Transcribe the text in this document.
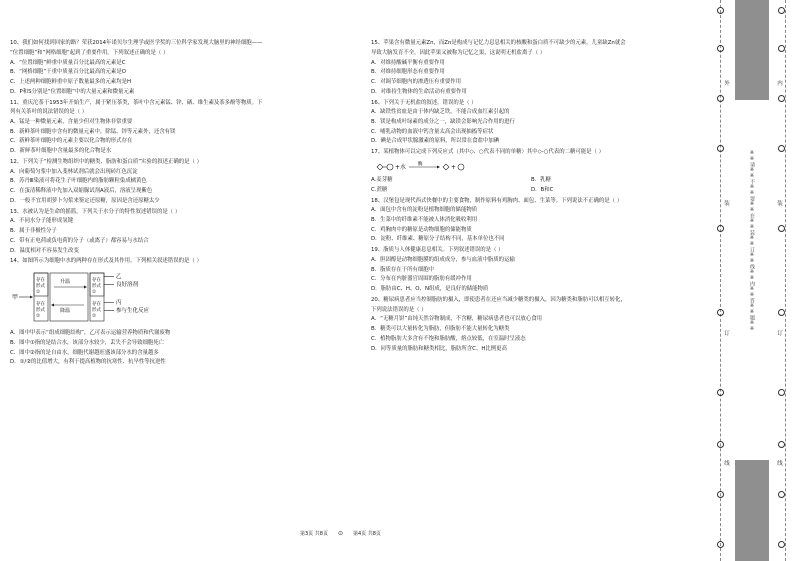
10、我们如何找到回家的路？荣获2014年诺贝尔生理学或医学奖的三位科学家发现大脑里的神经细胞——
“位置细胞”和“网格细胞”起到了重要作用。下列叙述正确的是（ ）
A．“位置细胞”鲜重中质量百分比最高的元素是C
B．“网格细胞”干重中质量百分比最高的元素是O
C．上述两种细胞鲜重中原子数量最多的元素均是H
D．P和S分别是“位置细胞”中的大量元素和微量元素
11、重庆沱茶于1953年开始生产，属于紧压茶类，茶叶中含元素锰、锌、硒、维生素及茶多酚等物质。下
列有关茶叶的说法错误的是（ ）
A．锰是一种微量元素，含量少但对生物体非常重要
B．新鲜茶叶细胞中含有的微量元素中，除锰、锌等元素外，还含有镁
C．新鲜茶叶细胞中的元素主要以化合物的形式存在
D．新鲜茶叶细胞中含量最多的化合物是水
12、下列关于“检测生物组织中的糖类、脂肪和蛋白质”实验的叙述正确的是（ ）
A．向葡萄匀浆中加入斐林试剂后就会出现砖红色沉淀
B．苏丹Ⅲ染液可将花生子叶细胞内的脂肪颗粒染成橘黄色
C．在蛋清稀释液中先加入双缩脲试剂A液后，溶液呈现紫色
D．一般不宜用胡萝卜匀浆来鉴定还原糖，原因是含还原糖太少
13、水被认为是生命的摇篮，下列关于水分子的特性叙述错误的是（ ）
A．不同水分子能形成氢键
B．属于非极性分子
C．带有正电荷或负电荷的分子（或离子）都容易与水结合
D．温度相对不容易发生改变
14、如图所示为细胞中水的两种存在形式及其作用。下列相关叙述错误的是（ ）
甲
存在
形式
①
存在
形式
②
升温
降温
存在
形式
①
存在
形式
②
乙
良好溶剂
丙
参与生化反应
A．图中甲表示“组成细胞结构”，乙可表示运输营养物质和代谢废物
B．图中①指的是结合水，该部分水较少，丢失不会导致细胞死亡
C．图中②指的是自由水，细胞代谢越旺盛该部分水的含量越多
D．①/②的比值增大，有利于提高植物的抗寒性、抗旱性等抗逆性
15、苹果含有微量元素Zn，而Zn是构成与记忆力息息相关的核酸和蛋白质不可缺少的元素，儿童缺Zn就会
导致大脑发育不全，因此苹果又被称为记忆之果，这说明无机盐离子（ ）
A．对维持酸碱平衡有重要作用
B．对维持细胞形态有重要作用
C．对调节细胞内的渗透压有重要作用
D．对维持生物体的生命活动有重要作用
16、下列关于无机盐的叙述，错误的是（ ）
A．缺铁性贫血是由于体内缺乏铁，不能合成血红素引起的
B．镁是构成叶绿素的成分之一，缺镁会影响光合作用的进行
C．哺乳动物的血液中钙含量太高会出现抽搐等症状
D．碘是合成甲状腺激素的原料，所以常在食盐中加碘
17、某植物体可以完成下列反应式（其中◇、○代表不同的单糖）其中◇-○代表的二糖可能是（ ）
+ 水
酶
+
A.麦芽糖	B．乳糖
C.蔗糖	D．B和C
18、汉堡包是现代西式快餐中的主要食物，制作原料有鸡胸肉、面包、生菜等。下列说法不正确的是（ ）
A．面包中含有的淀粉是植物细胞的储能物质
B．生菜中的纤维素不能被人体消化吸收利用
C．鸡胸肉中的糖原是动物细胞的储能物质
D．淀粉、纤维素、糖原分子结构不同，基本单位也不同
19、脂质与人体健康息息相关。下列叙述错误的是（ ）
A．胆固醇是动物细胞膜的组成成分，参与血液中脂质的运输
B．脂质存在于所有细胞中
C．分布在内脏器官周围的脂肪有缓冲作用
D．脂肪由C、H、O、N组成，是良好的储能物质
20、糖尿病患者应当控制脂肪的摄入，即使患者在还应当减少糖类的摄入，因为糖类和脂肪可以相互转化，
下列说法错误的是（ ）
A．“无糖月饼”由纯天然谷物制成，不含糖，糖尿病患者也可以放心食用
B．糖类可以大量转化为脂肪，但脂肪不能大量转化为糖类
C．植物脂肪大多含有不饱和脂肪酸，熔点较低，在室温时呈液态
D．同等质量的脂肪和糖类相比，脂肪所含C、H比例更高
第3页 共8页 ⊙ 第4页 共8页
外
装
订
线
内
装
订
线
※※请※※不※※要※※在※※装※※订※※线※※内※※答※※题※※
